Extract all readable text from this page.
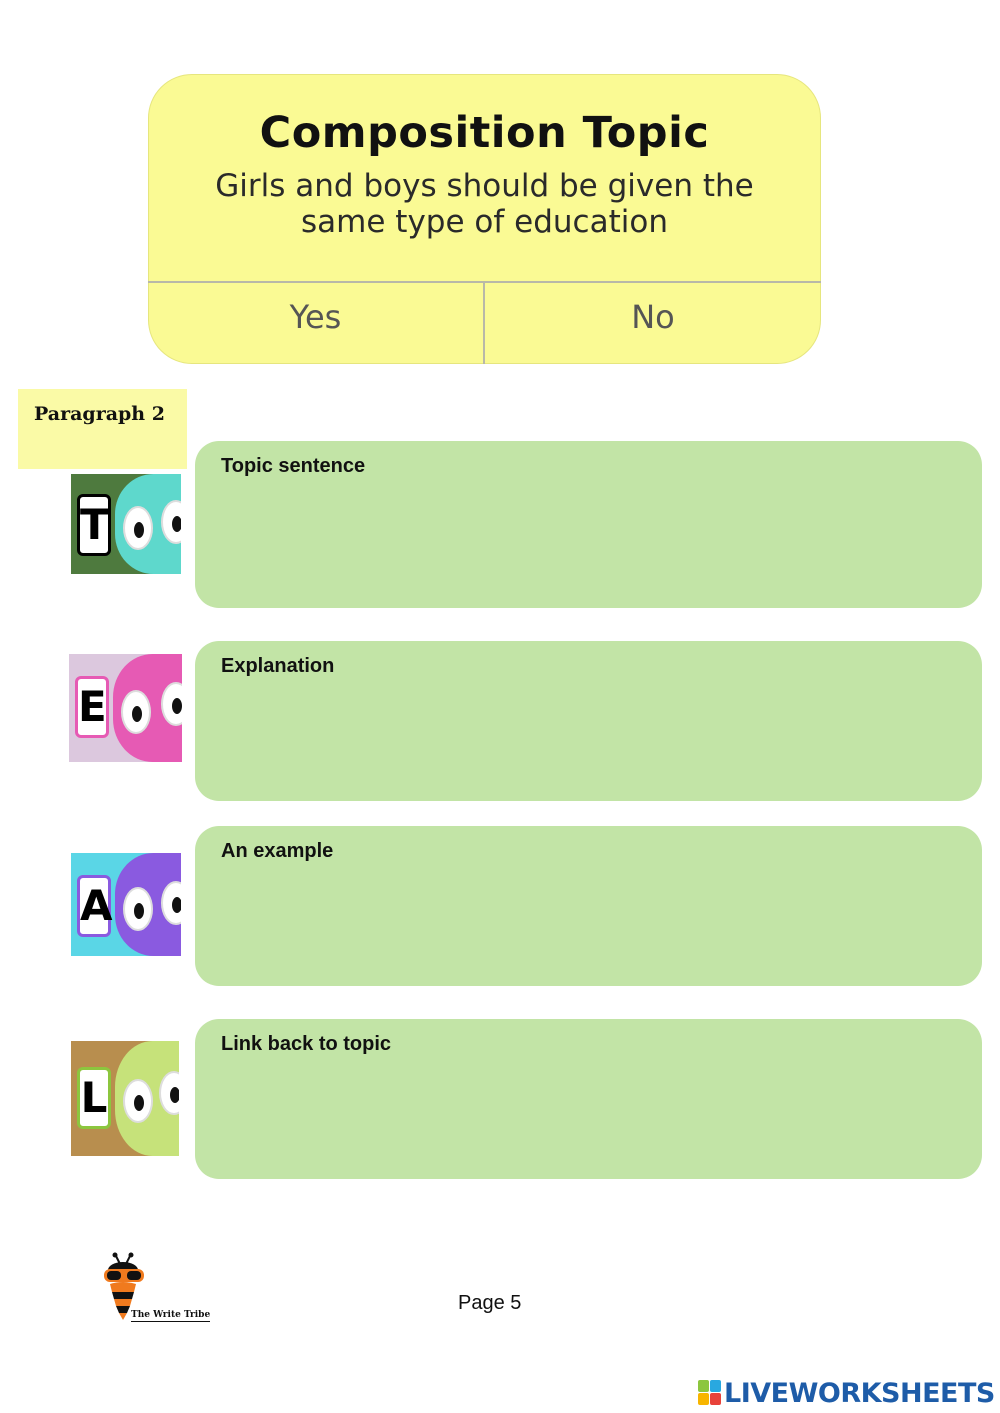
Composition Topic
Girls and boys should be given the same type of education
Yes	No
Paragraph 2
T
Topic sentence
E
Explanation
A
An example
L
Link back to topic
The Write Tribe
Page 5
LIVEWORKSHEETS
